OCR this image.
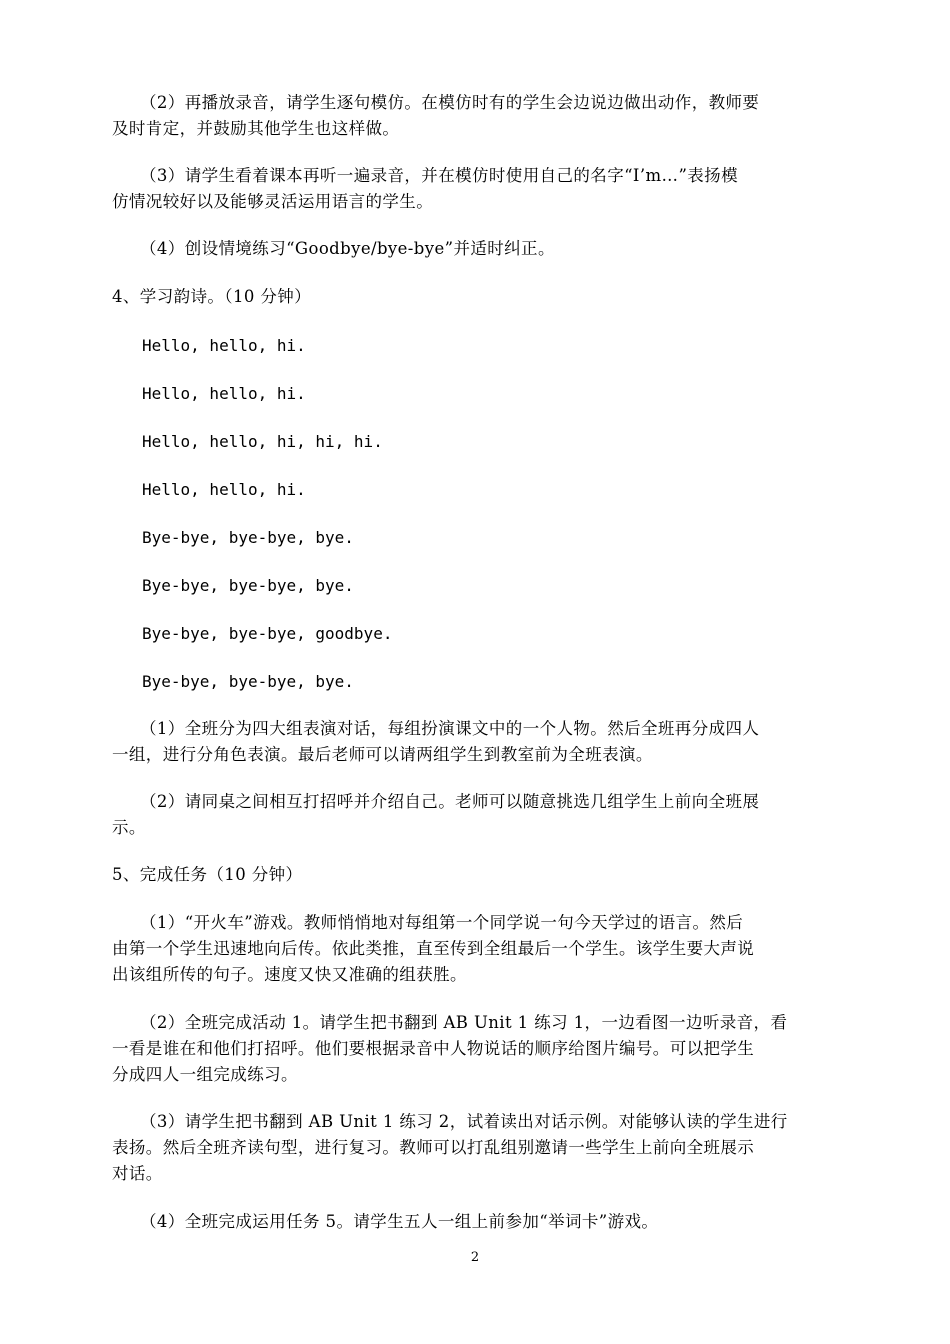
（2）再播放录音，请学生逐句模仿。在模仿时有的学生会边说边做出动作，教师要

及时肯定，并鼓励其他学生也这样做。

（3）请学生看着课本再听一遍录音，并在模仿时使用自己的名字“I’m…”表扬模

仿情况较好以及能够灵活运用语言的学生。

（4）创设情境练习“Goodbye/bye-bye”并适时纠正。

4、学习韵诗。（10 分钟）

Hello, hello, hi.

Hello, hello, hi.

Hello, hello, hi, hi, hi.

Hello, hello, hi.

Bye-bye, bye-bye, bye.

Bye-bye, bye-bye, bye.

Bye-bye, bye-bye, goodbye.

Bye-bye, bye-bye, bye.

（1）全班分为四大组表演对话，每组扮演课文中的一个人物。然后全班再分成四人

一组，进行分角色表演。最后老师可以请两组学生到教室前为全班表演。

（2）请同桌之间相互打招呼并介绍自己。老师可以随意挑选几组学生上前向全班展

示。

5、完成任务（10 分钟）

（1）“开火车”游戏。教师悄悄地对每组第一个同学说一句今天学过的语言。然后

由第一个学生迅速地向后传。依此类推，直至传到全组最后一个学生。该学生要大声说

出该组所传的句子。速度又快又准确的组获胜。

（2）全班完成活动 1。请学生把书翻到 AB Unit 1 练习 1，一边看图一边听录音，看

一看是谁在和他们打招呼。他们要根据录音中人物说话的顺序给图片编号。可以把学生

分成四人一组完成练习。

（3）请学生把书翻到 AB Unit 1 练习 2，试着读出对话示例。对能够认读的学生进行

表扬。然后全班齐读句型，进行复习。教师可以打乱组别邀请一些学生上前向全班展示

对话。

（4）全班完成运用任务 5。请学生五人一组上前参加“举词卡”游戏。

2
